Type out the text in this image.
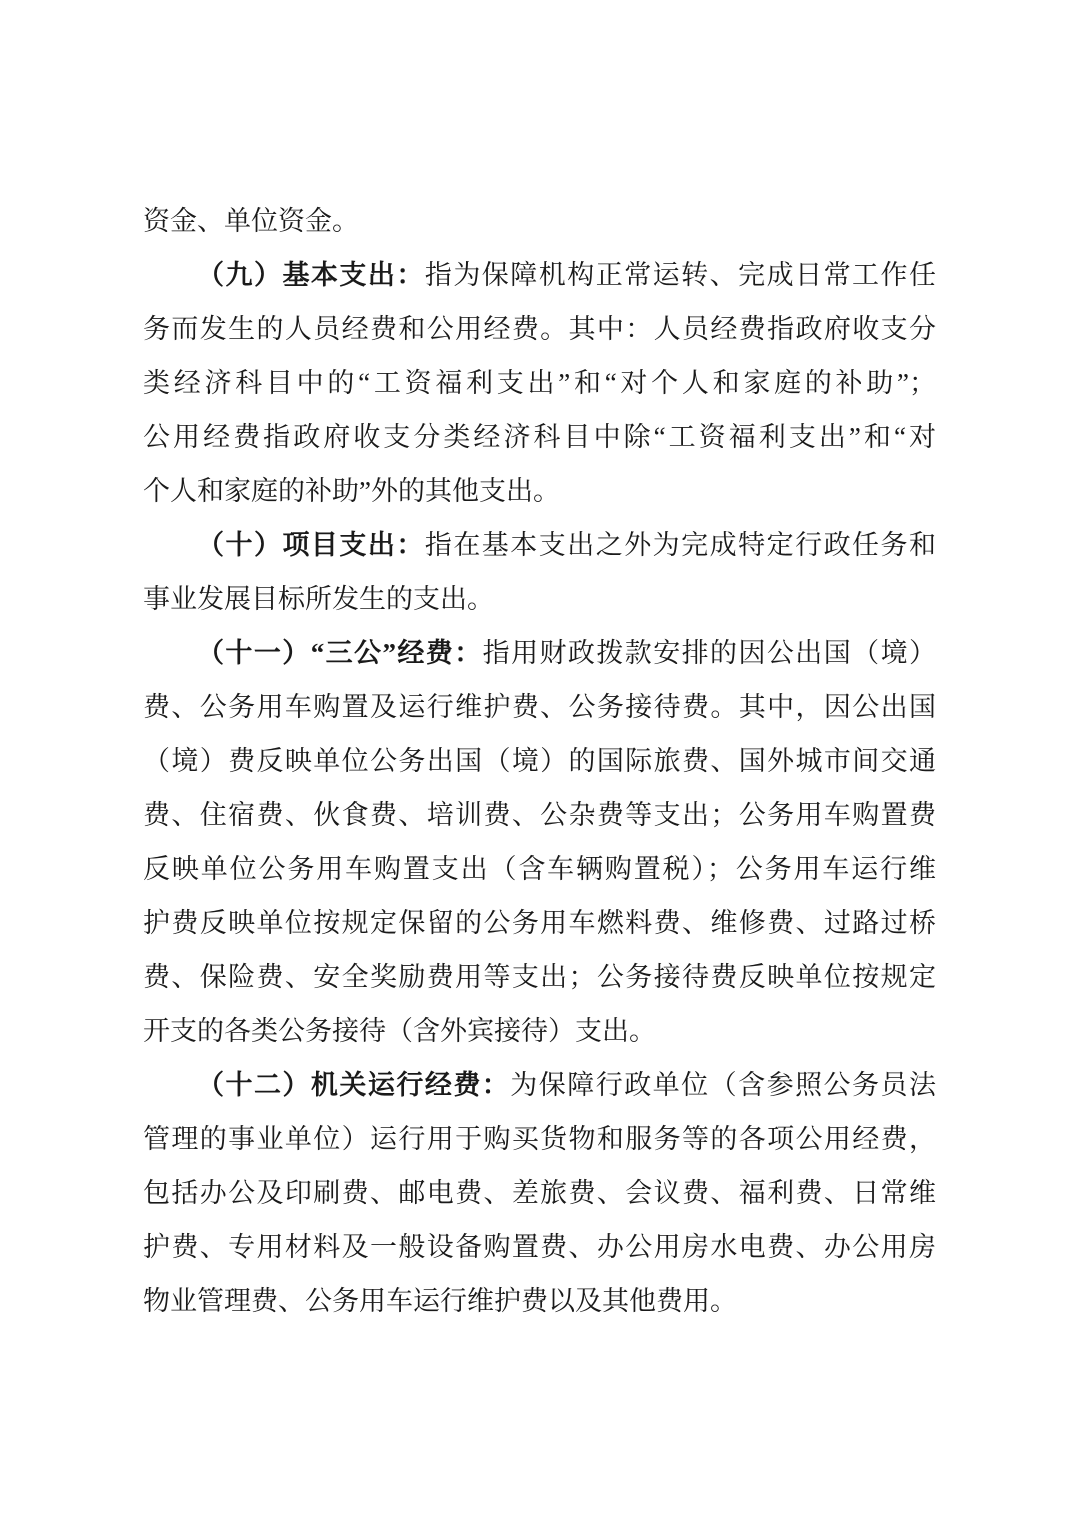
资金、单位资金。
（九）基本支出：指为保障机构正常运转、完成日常工作任
务而发生的人员经费和公用经费。其中：人员经费指政府收支分
类经济科目中的“工资福利支出”和“对个人和家庭的补助”；
公用经费指政府收支分类经济科目中除“工资福利支出”和“对
个人和家庭的补助”外的其他支出。
（十）项目支出：指在基本支出之外为完成特定行政任务和
事业发展目标所发生的支出。
（十一）“三公”经费：指用财政拨款安排的因公出国（境）
费、公务用车购置及运行维护费、公务接待费。其中，因公出国
（境）费反映单位公务出国（境）的国际旅费、国外城市间交通
费、住宿费、伙食费、培训费、公杂费等支出；公务用车购置费
反映单位公务用车购置支出（含车辆购置税）；公务用车运行维
护费反映单位按规定保留的公务用车燃料费、维修费、过路过桥
费、保险费、安全奖励费用等支出；公务接待费反映单位按规定
开支的各类公务接待（含外宾接待）支出。
（十二）机关运行经费：为保障行政单位（含参照公务员法
管理的事业单位）运行用于购买货物和服务等的各项公用经费，
包括办公及印刷费、邮电费、差旅费、会议费、福利费、日常维
护费、专用材料及一般设备购置费、办公用房水电费、办公用房
物业管理费、公务用车运行维护费以及其他费用。
